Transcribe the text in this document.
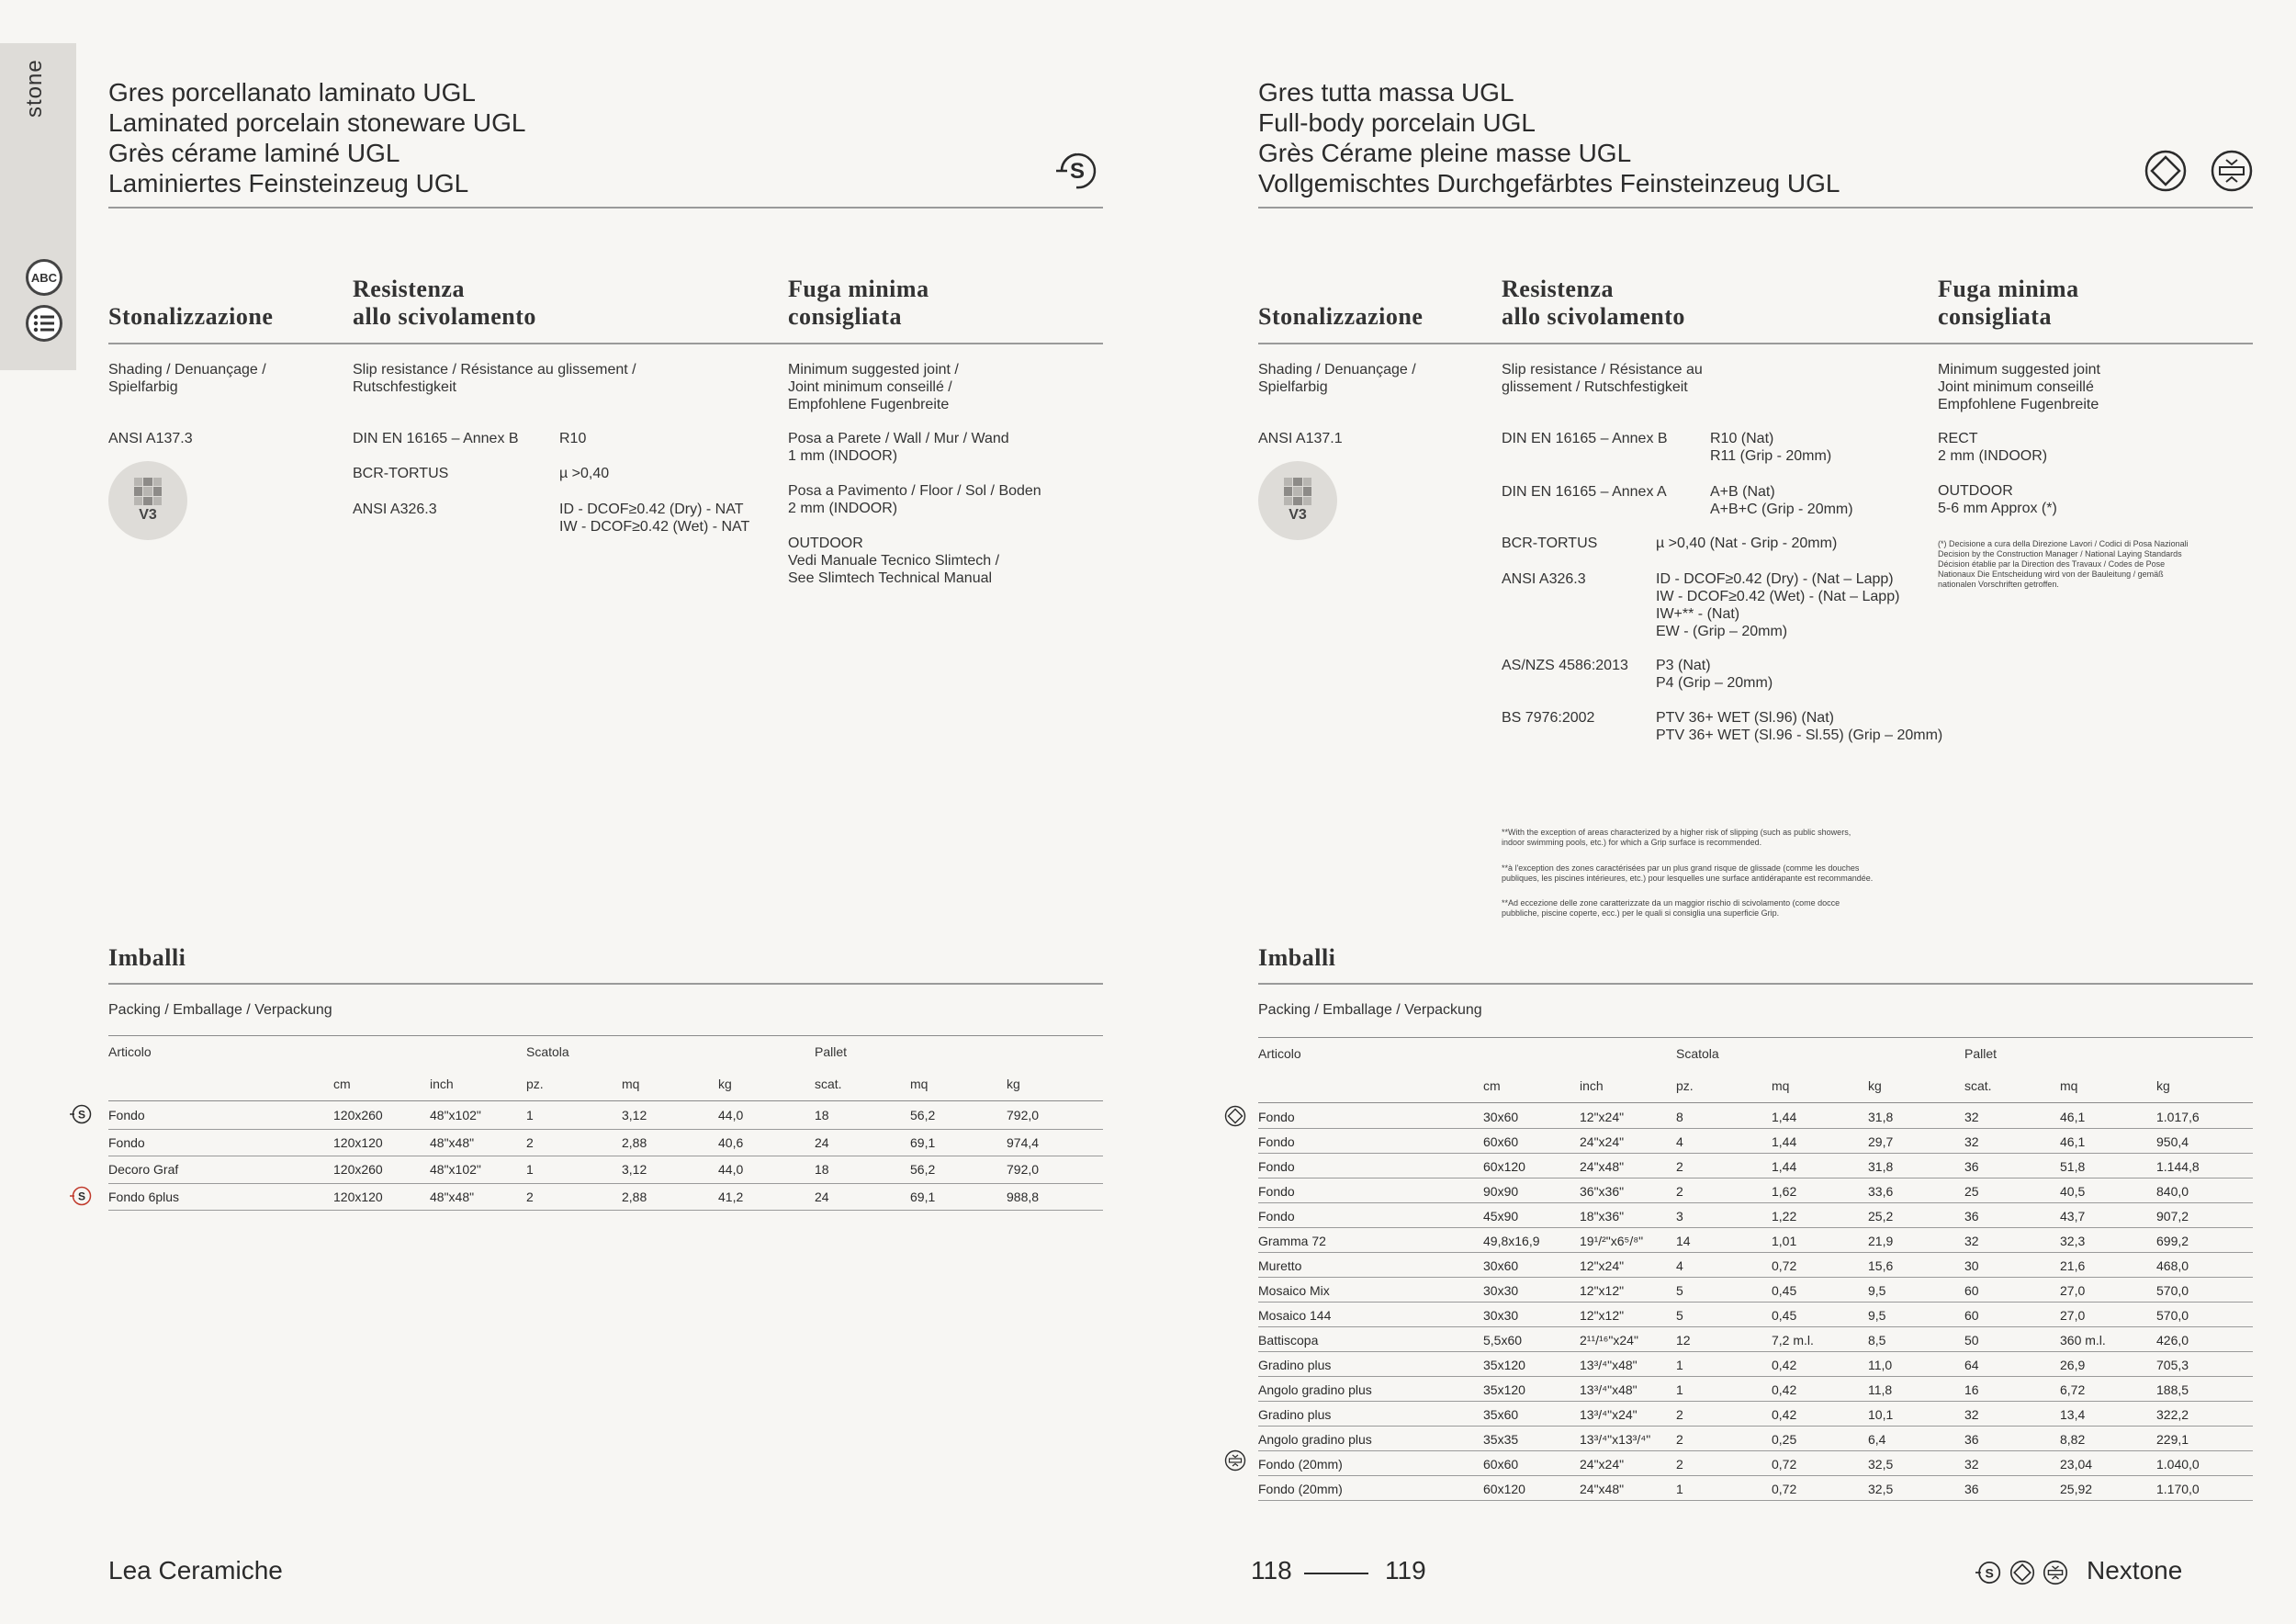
stone
ABC
Gres porcellanato laminato UGL
Laminated porcelain stoneware UGL
Grès cérame laminé UGL
Laminiertes Feinsteinzeug UGL	S
Stonalizzazione
Resistenza
allo scivolamento
Fuga minima
consigliata
Shading / Denuançage /
Spielfarbig
Slip resistance / Résistance au glissement /
Rutschfestigkeit
Minimum suggested joint /
Joint minimum conseillé /
Empfohlene Fugenbreite
ANSI A137.3
V3
DIN EN 16165 – Annex B	R10
BCR-TORTUS	µ >0,40
ANSI A326.3	ID - DCOF≥0.42 (Dry) - NAT
IW - DCOF≥0.42 (Wet) - NAT
Posa a Parete / Wall / Mur / Wand
1 mm (INDOOR)
Posa a Pavimento / Floor / Sol / Boden
2 mm (INDOOR)
OUTDOOR
Vedi Manuale Tecnico Slimtech /
See Slimtech Technical Manual
Imballi
Packing / Emballage / Verpackung
Articolo	Scatola	Pallet
cm	inch	pz.	mq	kg	scat.	mq	kg
Fondo	120x260	48"x102"	1	3,12	44,0	18	56,2	792,0
Fondo	120x120	48"x48"	2	2,88	40,6	24	69,1	974,4
Decoro Graf	120x260	48"x102"	1	3,12	44,0	18	56,2	792,0
Fondo 6plus	120x120	48"x48"	2	2,88	41,2	24	69,1	988,8
S
S
Gres tutta massa UGL
Full-body porcelain UGL
Grès Cérame pleine masse UGL
Vollgemischtes Durchgefärbtes Feinsteinzeug UGL
Stonalizzazione
Resistenza
allo scivolamento
Fuga minima
consigliata
Shading / Denuançage /
Spielfarbig
Slip resistance / Résistance au
glissement / Rutschfestigkeit
Minimum suggested joint
Joint minimum conseillé
Empfohlene Fugenbreite
ANSI A137.1
V3
DIN EN 16165 – Annex B	R10 (Nat)
R11 (Grip - 20mm)
DIN EN 16165 – Annex A	A+B (Nat)
A+B+C (Grip - 20mm)
BCR-TORTUS	µ >0,40 (Nat - Grip - 20mm)
ANSI A326.3	ID - DCOF≥0.42 (Dry) - (Nat – Lapp)
IW - DCOF≥0.42 (Wet) - (Nat – Lapp)
IW+** - (Nat)
EW - (Grip – 20mm)
AS/NZS 4586:2013 P3 (Nat)
P4 (Grip – 20mm)
BS 7976:2002	PTV 36+ WET (Sl.96) (Nat)
PTV 36+ WET (Sl.96 - Sl.55) (Grip – 20mm)
RECT
2 mm (INDOOR)
OUTDOOR
5-6 mm Approx (*)
(*) Decisione a cura della Direzione Lavori / Codici di Posa Nazionali
Decision by the Construction Manager / National Laying Standards
Décision établie par la Direction des Travaux / Codes de Pose
Nationaux Die Entscheidung wird von der Bauleitung / gemäß
nationalen Vorschriften getroffen.
**With the exception of areas characterized by a higher risk of slipping (such as public showers,
indoor swimming pools, etc.) for which a Grip surface is recommended.
**à l'exception des zones caractérisées par un plus grand risque de glissade (comme les douches
publiques, les piscines intérieures, etc.) pour lesquelles une surface antidérapante est recommandée.
**Ad eccezione delle zone caratterizzate da un maggior rischio di scivolamento (come docce
pubbliche, piscine coperte, ecc.) per le quali si consiglia una superficie Grip.
Imballi
Packing / Emballage / Verpackung
Articolo	Scatola	Pallet
cm	inch	pz.	mq	kg	scat.	mq	kg
Fondo	30x60	12"x24"	8	1,44	31,8	32	46,1	1.017,6
Fondo	60x60	24"x24"	4	1,44	29,7	32	46,1	950,4
Fondo	60x120	24"x48"	2	1,44	31,8	36	51,8	1.144,8
Fondo	90x90	36"x36"	2	1,62	33,6	25	40,5	840,0
Fondo	45x90	18"x36"	3	1,22	25,2	36	43,7	907,2
Gramma 72	49,8x16,9	19¹/²"x6⁵/⁸"	14	1,01	21,9	32	32,3	699,2
Muretto	30x60	12"x24"	4	0,72	15,6	30	21,6	468,0
Mosaico Mix	30x30	12"x12"	5	0,45	9,5	60	27,0	570,0
Mosaico 144	30x30	12"x12"	5	0,45	9,5	60	27,0	570,0
Battiscopa	5,5x60	2¹¹/¹⁶"x24"	12	7,2 m.l.	8,5	50	360 m.l.	426,0
Gradino plus	35x120	13³/⁴"x48"	1	0,42	11,0	64	26,9	705,3
Angolo gradino plus	35x120	13³/⁴"x48"	1	0,42	11,8	16	6,72	188,5
Gradino plus	35x60	13³/⁴"x24"	2	0,42	10,1	32	13,4	322,2
Angolo gradino plus	35x35	13³/⁴"x13³/⁴" 2	0,25	6,4	36	8,82	229,1
Fondo (20mm)	60x60	24"x24"	2	0,72	32,5	32	23,04	1.040,0
Fondo (20mm)	60x120	24"x48"	1	0,72	32,5	36	25,92	1.170,0
Lea Ceramiche	118	119	S	Nextone
